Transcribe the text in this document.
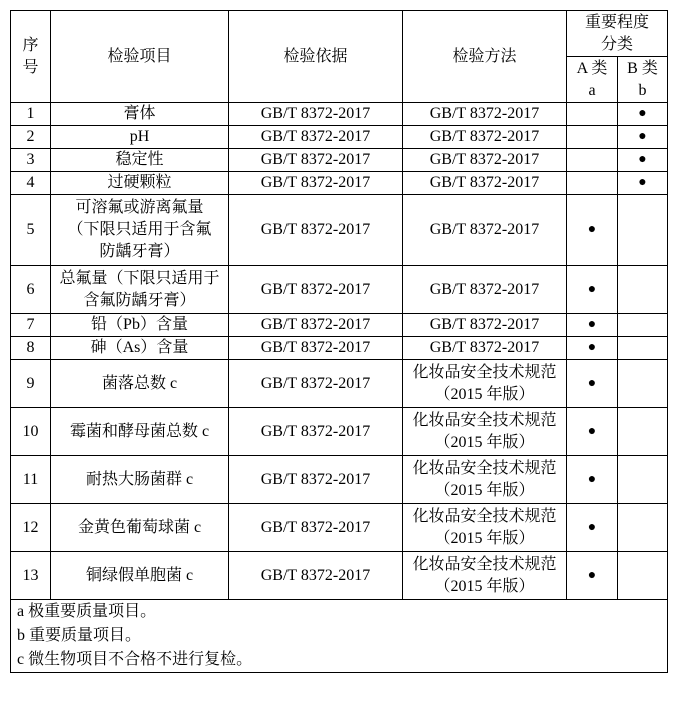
序号	检验项目	检验依据	检验方法	重要程度分类	
				A 类 a	B 类 b
1	膏体	GB/T 8372-2017	GB/T 8372-2017		●
2	pH	GB/T 8372-2017	GB/T 8372-2017		●
3	稳定性	GB/T 8372-2017	GB/T 8372-2017		●
4	过硬颗粒	GB/T 8372-2017	GB/T 8372-2017		●
5	可溶氟或游离氟量（下限只适用于含氟防龋牙膏）	GB/T 8372-2017	GB/T 8372-2017	●	
6	总氟量（下限只适用于含氟防龋牙膏）	GB/T 8372-2017	GB/T 8372-2017	●	
7	铅（Pb）含量	GB/T 8372-2017	GB/T 8372-2017	●	
8	砷（As）含量	GB/T 8372-2017	GB/T 8372-2017	●	
9	菌落总数 c	GB/T 8372-2017	化妆品安全技术规范（2015 年版）	●	
10	霉菌和酵母菌总数 c	GB/T 8372-2017	化妆品安全技术规范（2015 年版）	●	
11	耐热大肠菌群 c	GB/T 8372-2017	化妆品安全技术规范（2015 年版）	●	
12	金黄色葡萄球菌 c	GB/T 8372-2017	化妆品安全技术规范（2015 年版）	●	
13	铜绿假单胞菌 c	GB/T 8372-2017	化妆品安全技术规范（2015 年版）	●	
a 极重要质量项目。					
b 重要质量项目。					
c 微生物项目不合格不进行复检。					
